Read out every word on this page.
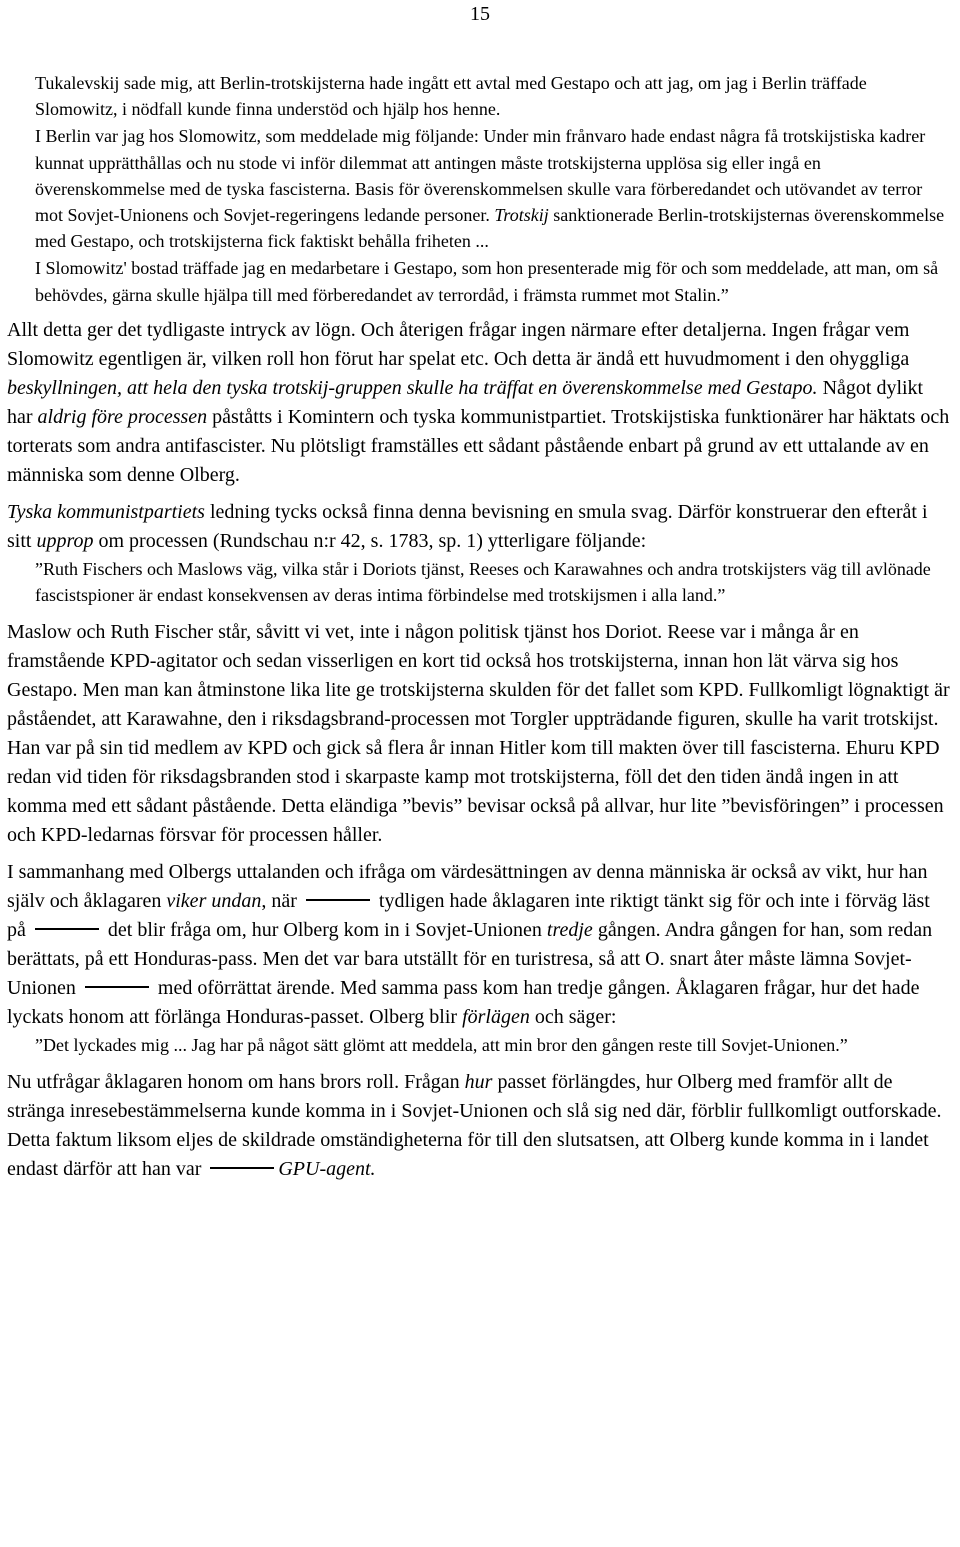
15

Tukalevskij sade mig, att Berlin-trotskijsterna hade ingått ett avtal med Gestapo och att jag, om jag i Berlin träffade Slomowitz, i nödfall kunde finna understöd och hjälp hos henne.

I Berlin var jag hos Slomowitz, som meddelade mig följande: Under min frånvaro hade endast några få trotskijstiska kadrer kunnat upprätthållas och nu stode vi inför dilemmat att antingen måste trotskijsterna upplösa sig eller ingå en överenskommelse med de tyska fascisterna. Basis för överenskommelsen skulle vara förberedandet och utövandet av terror mot Sovjet-Unionens och Sovjet-regeringens ledande personer. Trotskij sanktionerade Berlin-trotskijsternas överenskommelse med Gestapo, och trotskijsterna fick faktiskt behålla friheten ...

I Slomowitz' bostad träffade jag en medarbetare i Gestapo, som hon presenterade mig för och som meddelade, att man, om så behövdes, gärna skulle hjälpa till med förberedandet av terrordåd, i främsta rummet mot Stalin.”

Allt detta ger det tydligaste intryck av lögn. Och återigen frågar ingen närmare efter detaljerna. Ingen frågar vem Slomowitz egentligen är, vilken roll hon förut har spelat etc. Och detta är ändå ett huvudmoment i den ohyggliga beskyllningen, att hela den tyska trotskij-gruppen skulle ha träffat en överenskommelse med Gestapo. Något dylikt har aldrig före processen påståtts i Komintern och tyska kommunistpartiet. Trotskijstiska funktionärer har häktats och torterats som andra antifascister. Nu plötsligt framställes ett sådant påstående enbart på grund av ett uttalande av en människa som denne Olberg.

Tyska kommunistpartiets ledning tycks också finna denna bevisning en smula svag. Därför konstruerar den efteråt i sitt upprop om processen (Rundschau n:r 42, s. 1783, sp. 1) ytterligare följande:

”Ruth Fischers och Maslows väg, vilka står i Doriots tjänst, Reeses och Karawahnes och andra trotskijsters väg till avlönade fascistspioner är endast konsekvensen av deras intima förbindelse med trotskijsmen i alla land.”

Maslow och Ruth Fischer står, såvitt vi vet, inte i någon politisk tjänst hos Doriot. Reese var i många år en framstående KPD-agitator och sedan visserligen en kort tid också hos trotskijsterna, innan hon lät värva sig hos Gestapo. Men man kan åtminstone lika lite ge trotskijsterna skulden för det fallet som KPD. Fullkomligt lögnaktigt är påståendet, att Karawahne, den i riksdagsbrand-processen mot Torgler uppträdande figuren, skulle ha varit trotskijst. Han var på sin tid medlem av KPD och gick så flera år innan Hitler kom till makten över till fascisterna. Ehuru KPD redan vid tiden för riksdagsbranden stod i skarpaste kamp mot trotskijsterna, föll det den tiden ändå ingen in att komma med ett sådant påstående. Detta eländiga ”bevis” bevisar också på allvar, hur lite ”bevisföringen” i processen och KPD-ledarnas försvar för processen håller.

I sammanhang med Olbergs uttalanden och ifråga om värdesättningen av denna människa är också av vikt, hur han själv och åklagaren viker undan, när	tydligen hade åklagaren inte riktigt tänkt sig för och inte i förväg läst på	det blir fråga om, hur Olberg kom in i Sovjet-Unionen tredje gången. Andra gången for han, som redan berättats, på ett Honduras-pass. Men det var bara utställt för en turistresa, så att O. snart åter måste lämna Sovjet-Unionen	med oförrättat ärende. Med samma pass kom han tredje gången. Åklagaren frågar, hur det hade lyckats honom att förlänga Honduras-passet. Olberg blir förlägen och säger:

”Det lyckades mig ... Jag har på något sätt glömt att meddela, att min bror den gången reste till Sovjet-Unionen.”

Nu utfrågar åklagaren honom om hans brors roll. Frågan hur passet förlängdes, hur Olberg med framför allt de stränga inresebestämmelserna kunde komma in i Sovjet-Unionen och slå sig ned där, förblir fullkomligt outforskade. Detta faktum liksom eljes de skildrade omständigheterna för till den slutsatsen, att Olberg kunde komma in i landet endast därför att han var	GPU-agent.
